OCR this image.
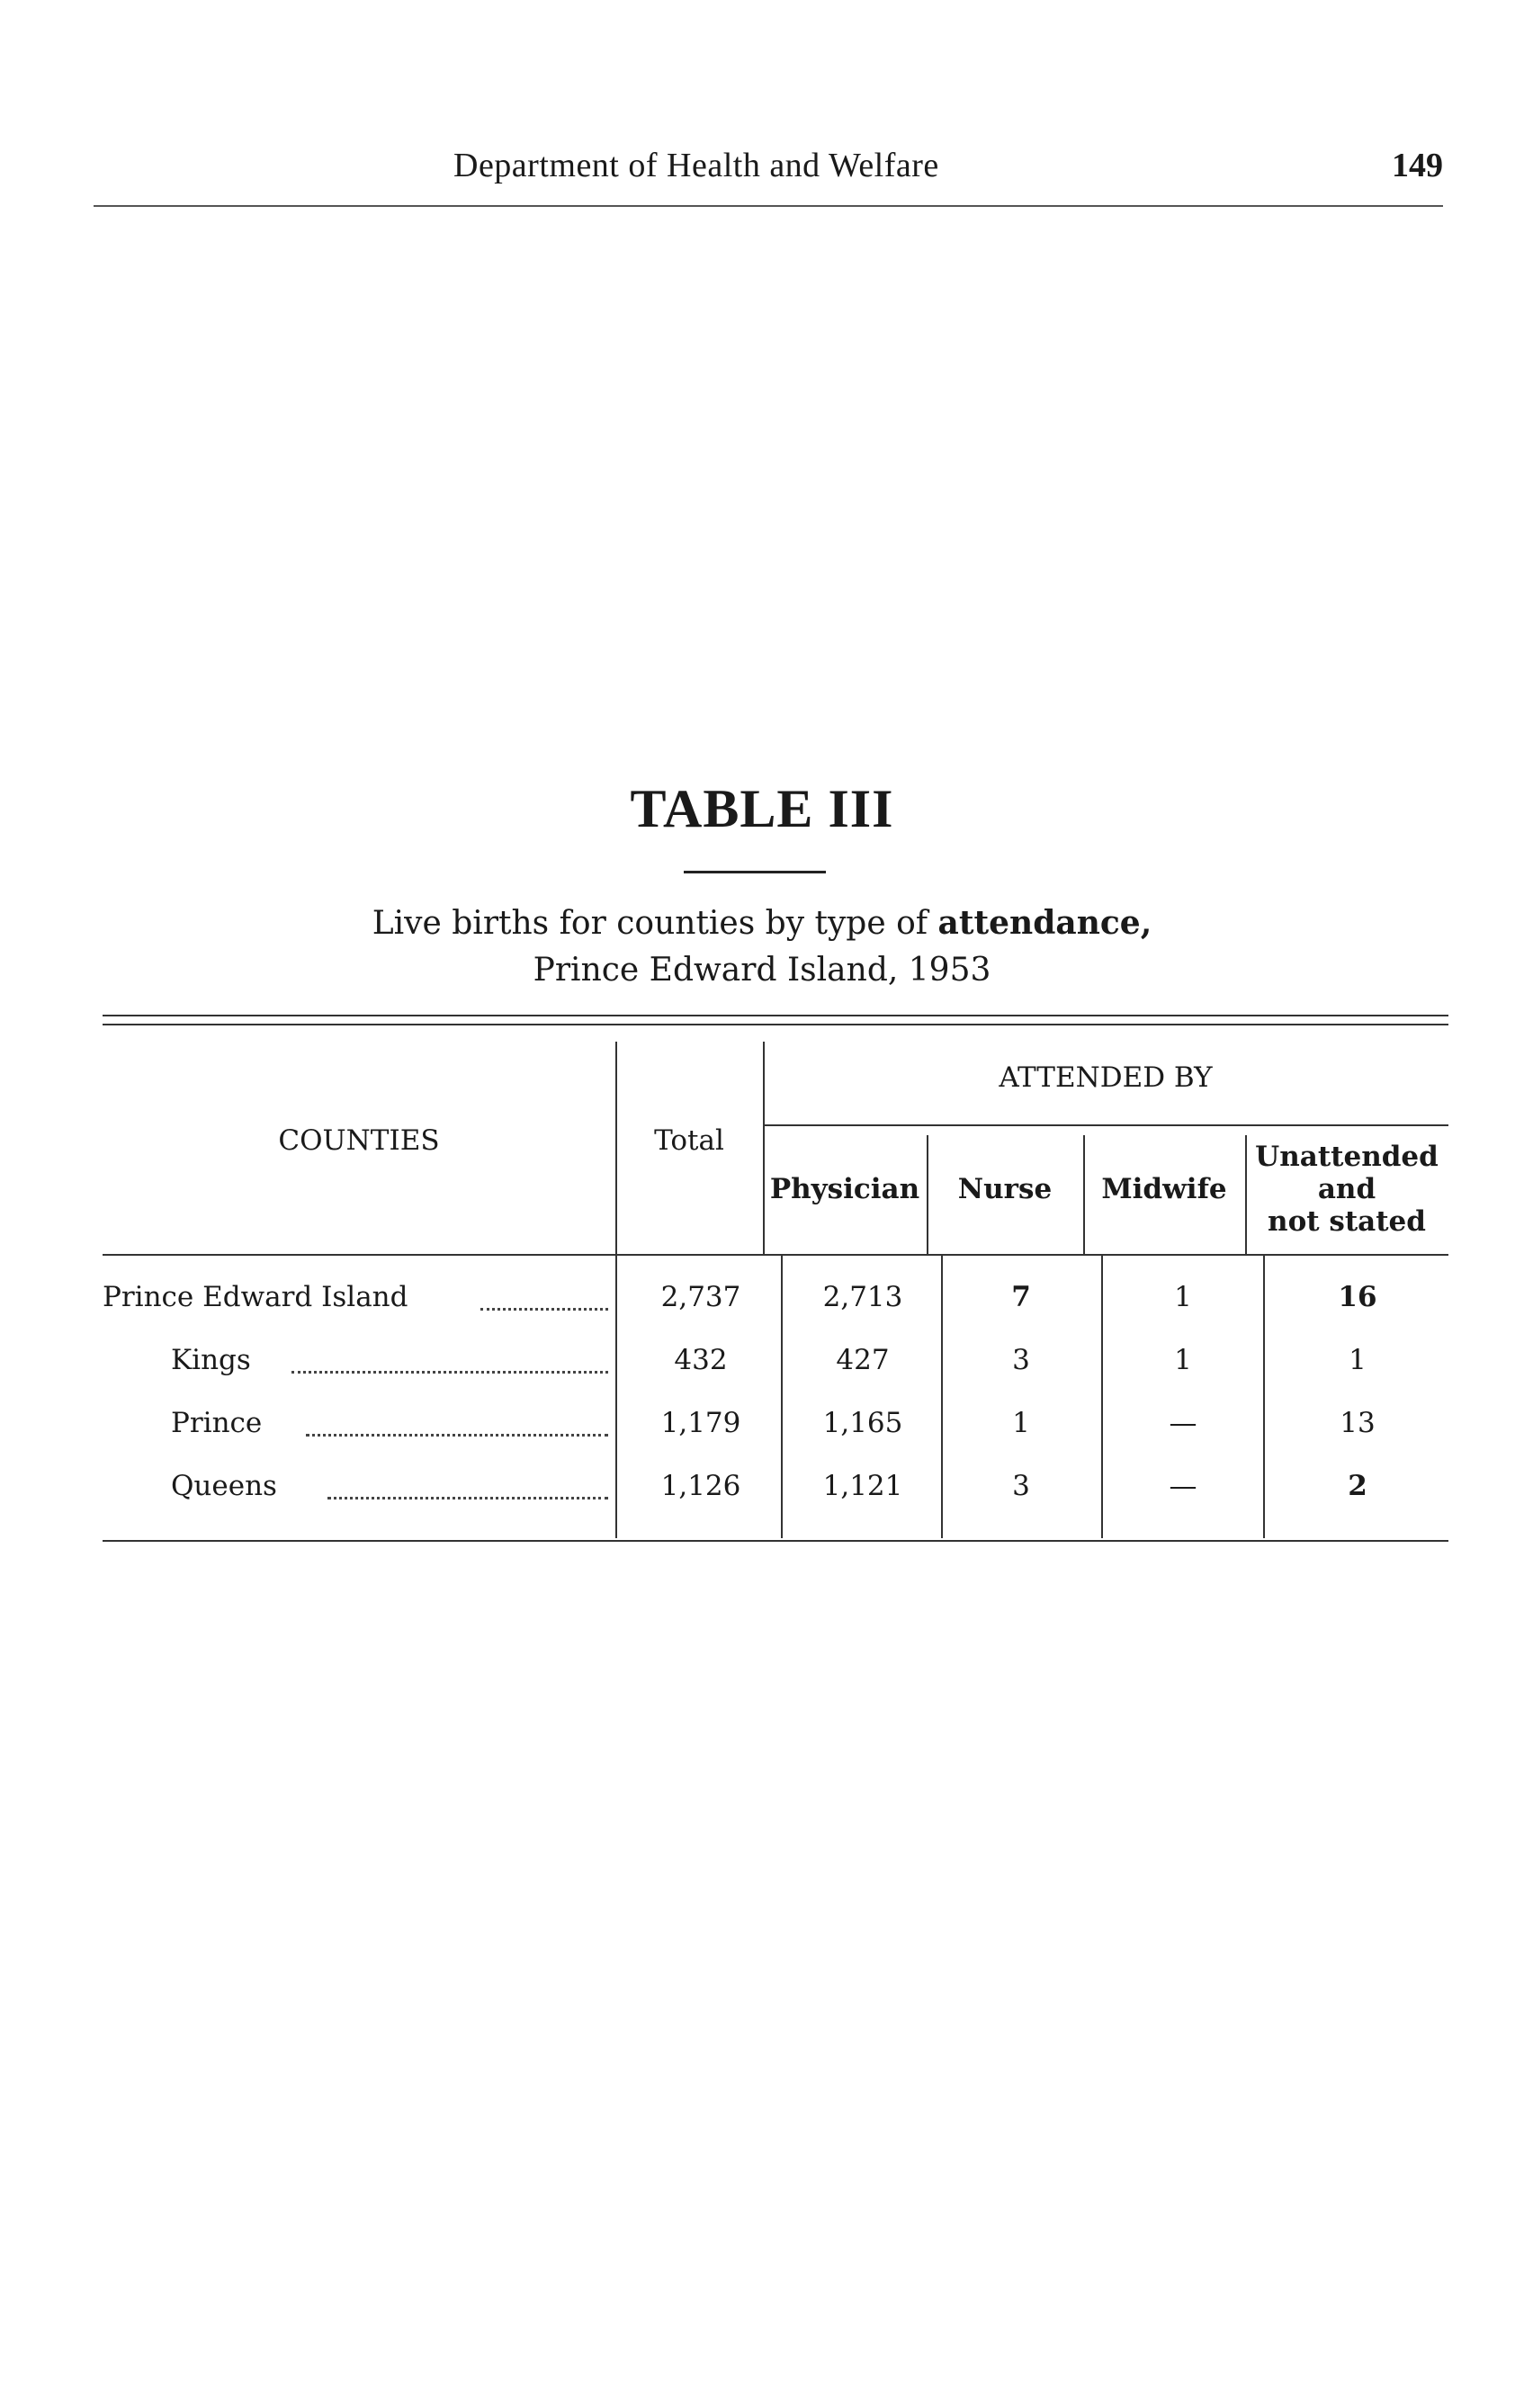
Department of Health and Welfare	149
TABLE III
Live births for counties by type of attendance,
Prince Edward Island, 1953
COUNTIES	Total
ATTENDED BY
Physician	Nurse	Midwife
Unattended
and
not stated
Prince Edward Island	2,737	2,713	7	1	16
Kings	432	427	3	1	1
Prince	1,179	1,165	1	—	13
Queens	1,126	1,121	3	—	2
